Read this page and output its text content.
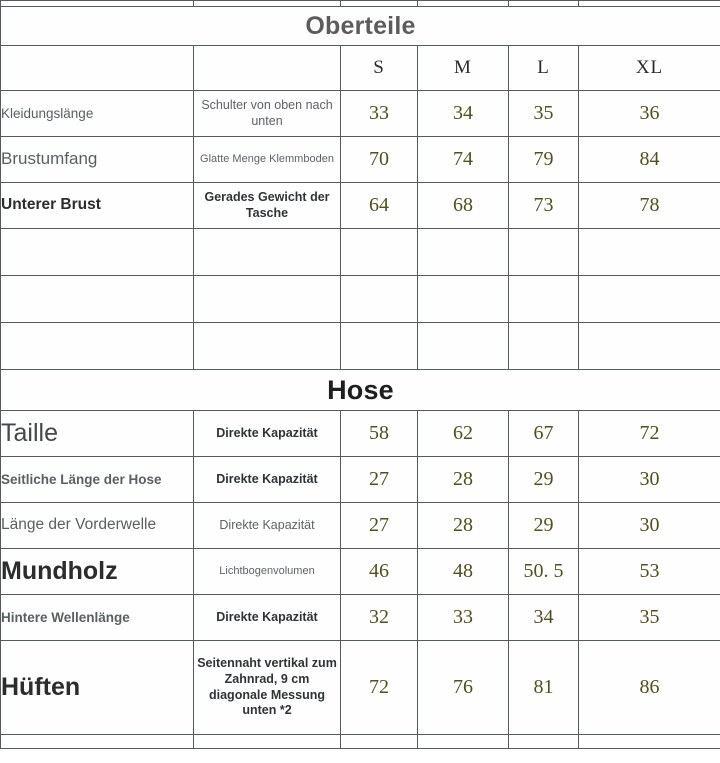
Oberteile					
		S	M	L	XL
Kleidungslänge	Schulter von oben nach unten	33	34	35	36
Brustumfang	Glatte Menge Klemmboden	70	74	79	84
Unterer Brust	Gerades Gewicht der Tasche	64	68	73	78

Hose					
Taille	Direkte Kapazität	58	62	67	72
Seitliche Länge der Hose	Direkte Kapazität	27	28	29	30
Länge der Vorderwelle	Direkte Kapazität	27	28	29	30
Mundholz	Lichtbogenvolumen	46	48	50. 5	53
Hintere Wellenlänge	Direkte Kapazität	32	33	34	35
Hüften	Seitennaht vertikal zum Zahnrad, 9 cm diagonale Messung unten *2	72	76	81	86
